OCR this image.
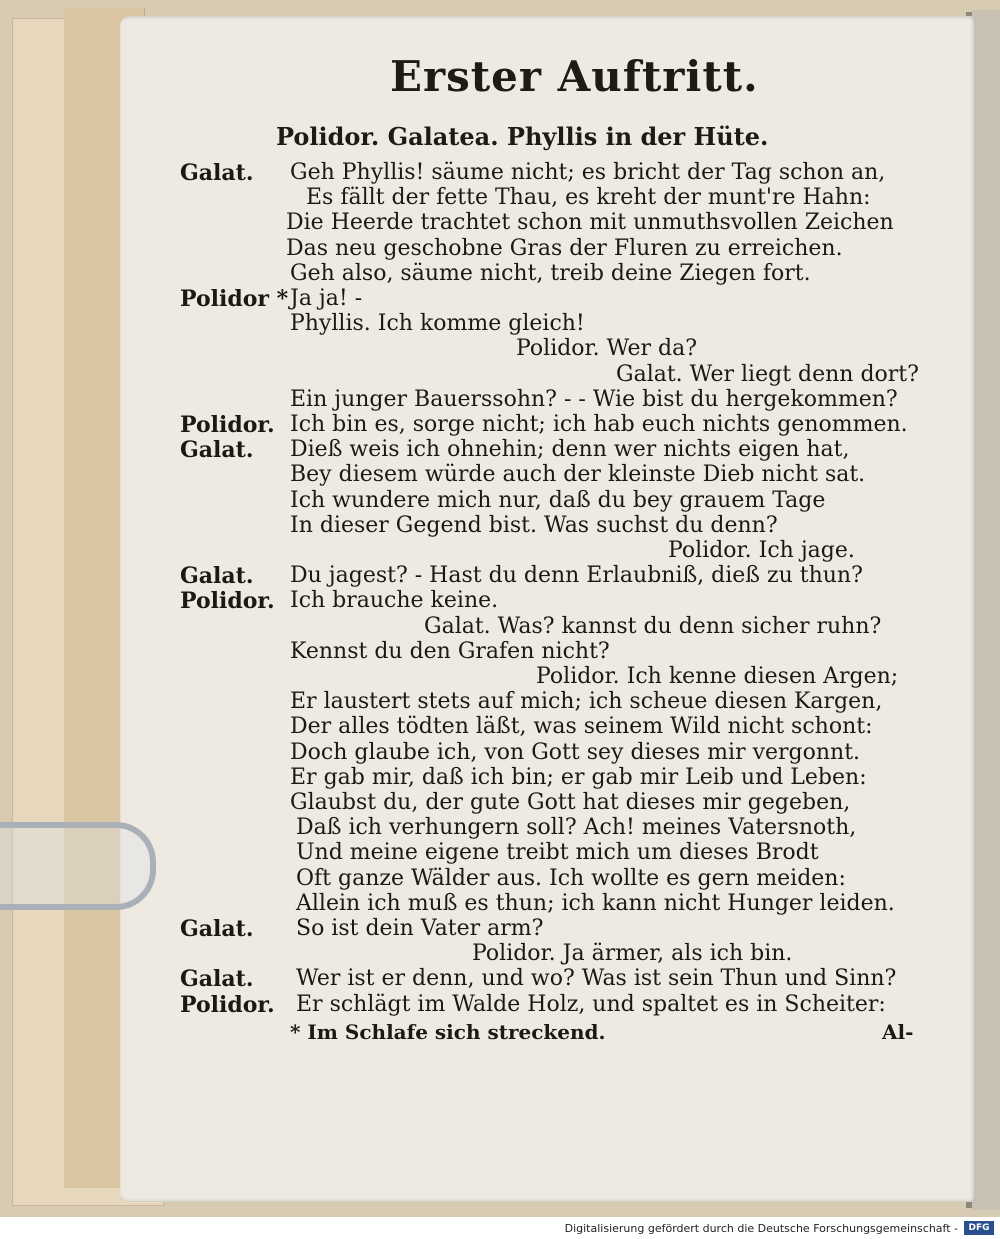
Erster Auftritt.
Polidor. Galatea. Phyllis in der Hüte.
Galat. Geh Phyllis! säume nicht; es bricht der Tag schon an,
Es fällt der fette Thau, es kreht der munt're Hahn:
Die Heerde trachtet schon mit unmuthsvollen Zeichen
Das neu geschobne Gras der Fluren zu erreichen.
Geh also, säume nicht, treib deine Ziegen fort.
Polidor * Ja ja! -
Phyllis. Ich komme gleich!
Polidor. Wer da?
Galat. Wer liegt denn dort?
Ein junger Bauerssohn? - - Wie bist du hergekommen?
Polidor. Ich bin es, sorge nicht; ich hab euch nichts genommen.
Galat. Dieß weis ich ohnehin; denn wer nichts eigen hat,
Bey diesem würde auch der kleinste Dieb nicht sat.
Ich wundere mich nur, daß du bey grauem Tage
In dieser Gegend bist. Was suchst du denn?
Polidor. Ich jage.
Galat. Du jagest? - Hast du denn Erlaubniß, dieß zu thun?
Polidor. Ich brauche keine.
Galat. Was? kannst du denn sicher ruhn?
Kennst du den Grafen nicht?
Polidor. Ich kenne diesen Argen;
Er laustert stets auf mich; ich scheue diesen Kargen,
Der alles tödten läßt, was seinem Wild nicht schont:
Doch glaube ich, von Gott sey dieses mir vergonnt.
Er gab mir, daß ich bin; er gab mir Leib und Leben:
Glaubst du, der gute Gott hat dieses mir gegeben,
Daß ich verhungern soll? Ach! meines Vatersnoth,
Und meine eigene treibt mich um dieses Brodt
Oft ganze Wälder aus. Ich wollte es gern meiden:
Allein ich muß es thun; ich kann nicht Hunger leiden.
Galat. So ist dein Vater arm?
Polidor. Ja ärmer, als ich bin.
Galat. Wer ist er denn, und wo? Was ist sein Thun und Sinn?
Polidor. Er schlägt im Walde Holz, und spaltet es in Scheiter:
* Im Schlafe sich streckend.	Al-
Digitalisierung gefördert durch die Deutsche Forschungsgemeinschaft -	DFG
